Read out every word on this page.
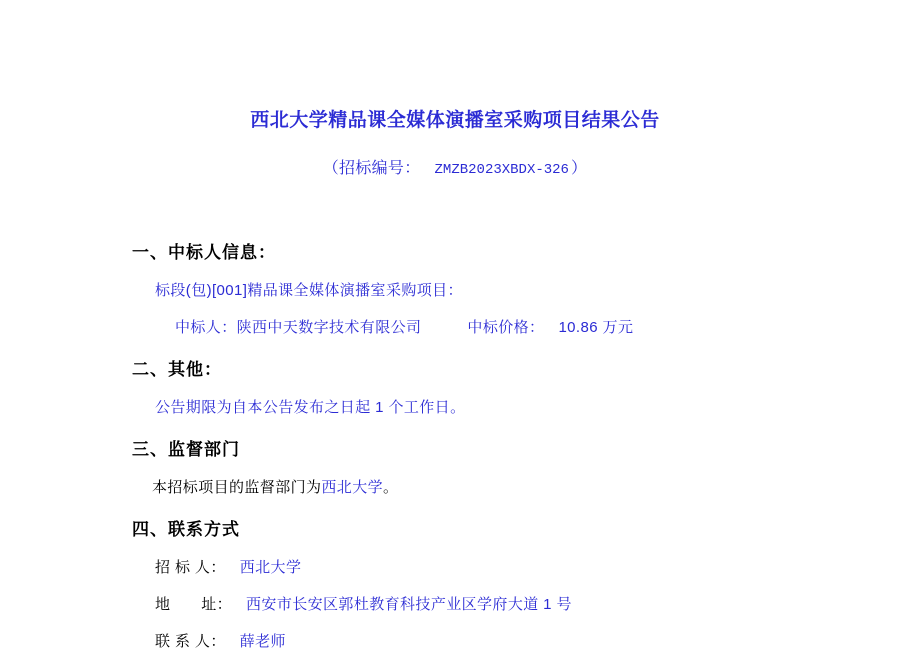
西北大学精品课全媒体演播室采购项目结果公告

（招标编号： ZMZB2023XBDX-326 ）

一、中标人信息：

标段(包)[001]精品课全媒体演播室采购项目：

中标人：陕西中天数字技术有限公司	中标价格： 10.86 万元

二、其他：

公告期限为自本公告发布之日起 1 个工作日。

三、监督部门

本招标项目的监督部门为西北大学。

四、联系方式

招 标 人： 西北大学

地　　址： 西安市长安区郭杜教育科技产业区学府大道 1 号

联 系 人： 薛老师
